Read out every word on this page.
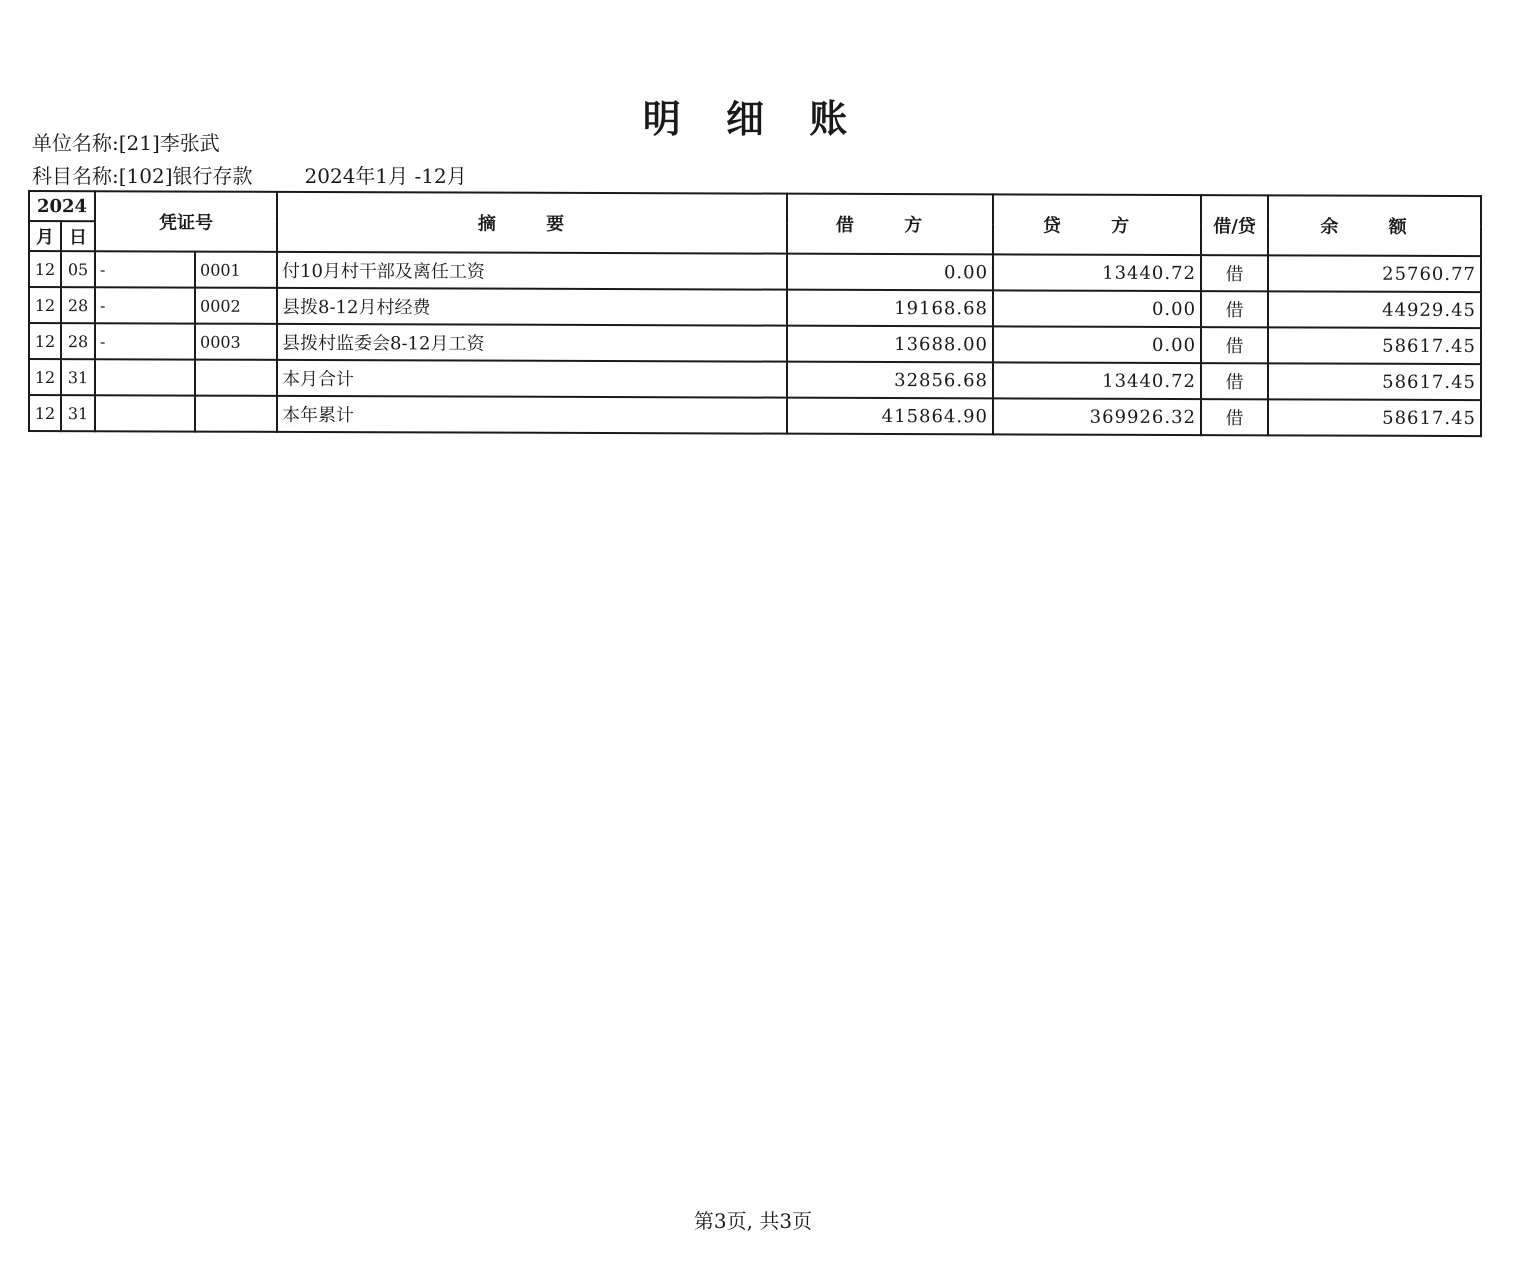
明 细 账
单位名称:[21]李张武
科目名称:[102]银行存款	2024年1月 -12月
2024		凭证号		摘 要	借 方	贷 方	借/贷	余 额
月	日							
12	05	-	0001	付10月村干部及离任工资	0.00	13440.72	借	25760.77
12	28	-	0002	县拨8-12月村经费	19168.68	0.00	借	44929.45
12	28	-	0003	县拨村监委会8-12月工资	13688.00	0.00	借	58617.45
12	31			本月合计	32856.68	13440.72	借	58617.45
12	31			本年累计	415864.90	369926.32	借	58617.45
第3页, 共3页
